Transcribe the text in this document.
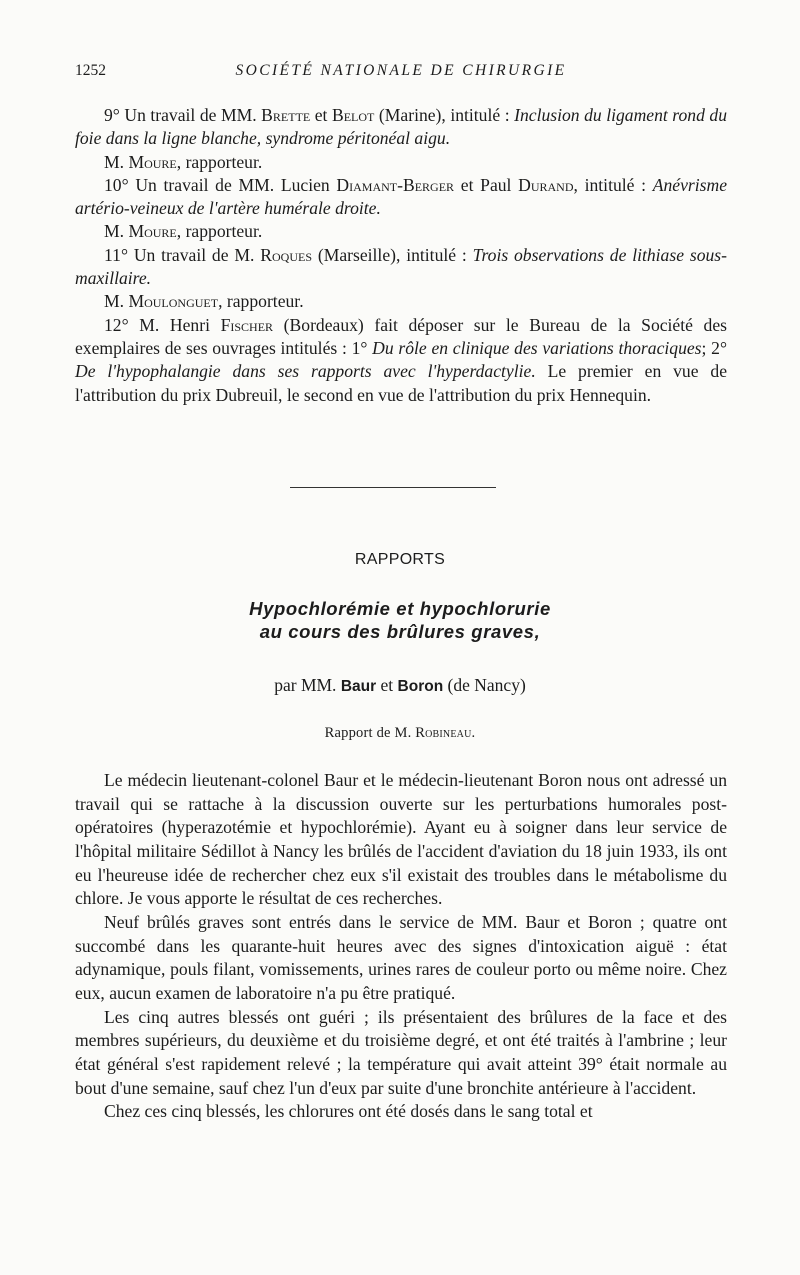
1252	SOCIÉTÉ NATIONALE DE CHIRURGIE

9° Un travail de MM. Brette et Belot (Marine), intitulé : Inclusion du ligament rond du foie dans la ligne blanche, syndrome péritonéal aigu.

M. Moure, rapporteur.

10° Un travail de MM. Lucien Diamant-Berger et Paul Durand, intitulé : Anévrisme artério-veineux de l'artère humérale droite.

M. Moure, rapporteur.

11° Un travail de M. Roques (Marseille), intitulé : Trois observations de lithiase sous-maxillaire.

M. Moulonguet, rapporteur.

12° M. Henri Fischer (Bordeaux) fait déposer sur le Bureau de la Société des exemplaires de ses ouvrages intitulés : 1° Du rôle en clinique des variations thoraciques; 2° De l'hypophalangie dans ses rapports avec l'hyperdactylie. Le premier en vue de l'attribution du prix Dubreuil, le second en vue de l'attribution du prix Hennequin.

RAPPORTS
Hypochlorémie et hypochlorurie
au cours des brûlures graves,
par MM. Baur et Boron (de Nancy)
Rapport de M. Robineau.

Le médecin lieutenant-colonel Baur et le médecin-lieutenant Boron nous ont adressé un travail qui se rattache à la discussion ouverte sur les perturbations humorales post-opératoires (hyperazotémie et hypochlorémie). Ayant eu à soigner dans leur service de l'hôpital militaire Sédillot à Nancy les brûlés de l'accident d'aviation du 18 juin 1933, ils ont eu l'heureuse idée de rechercher chez eux s'il existait des troubles dans le métabolisme du chlore. Je vous apporte le résultat de ces recherches.

Neuf brûlés graves sont entrés dans le service de MM. Baur et Boron ; quatre ont succombé dans les quarante-huit heures avec des signes d'intoxication aiguë : état adynamique, pouls filant, vomissements, urines rares de couleur porto ou même noire. Chez eux, aucun examen de laboratoire n'a pu être pratiqué.

Les cinq autres blessés ont guéri ; ils présentaient des brûlures de la face et des membres supérieurs, du deuxième et du troisième degré, et ont été traités à l'ambrine ; leur état général s'est rapidement relevé ; la température qui avait atteint 39° était normale au bout d'une semaine, sauf chez l'un d'eux par suite d'une bronchite antérieure à l'accident.

Chez ces cinq blessés, les chlorures ont été dosés dans le sang total et
